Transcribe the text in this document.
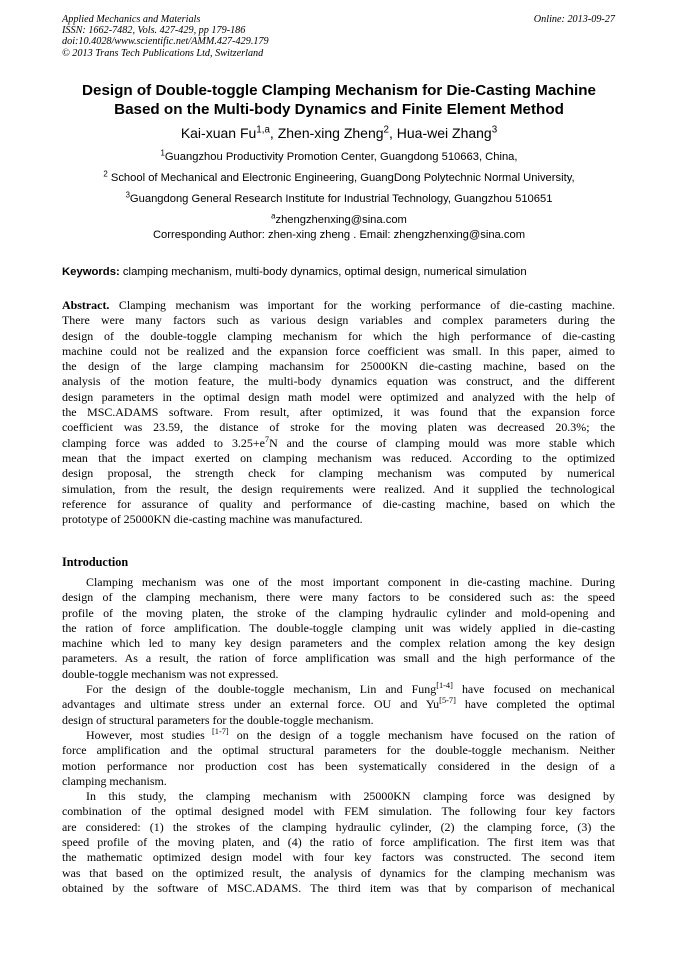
Applied Mechanics and Materials
ISSN: 1662-7482, Vols. 427-429, pp 179-186
doi:10.4028/www.scientific.net/AMM.427-429.179
© 2013 Trans Tech Publications Ltd, Switzerland
Online: 2013-09-27
Design of Double-toggle Clamping Mechanism for Die-Casting Machine
Based on the Multi-body Dynamics and Finite Element Method
Kai-xuan Fu$^{1,a}$, Zhen-xing Zheng$^2$, Hua-wei Zhang$^3$
$^1$Guangzhou Productivity Promotion Center, Guangdong 510663, China,
$^2$ School of Mechanical and Electronic Engineering, GuangDong Polytechnic Normal University,
$^3$Guangdong General Research Institute for Industrial Technology, Guangzhou 510651
$^a$zhengzhenxing@sina.com
Corresponding Author: zhen-xing zheng . Email: zhengzhenxing@sina.com
Keywords: clamping mechanism, multi-body dynamics, optimal design, numerical simulation
Abstract. Clamping mechanism was important for the working performance of die-casting machine.
There were many factors such as various design variables and complex parameters during the
design of the double-toggle clamping mechanism for which the high performance of die-casting
machine could not be realized and the expansion force coefficient was small. In this paper, aimed to
the design of the large clamping machansim for 25000KN die-casting machine, based on the
analysis of the motion feature, the multi-body dynamics equation was construct, and the different
design parameters in the optimal design math model were optimized and analyzed with the help of
the MSC.ADAMS software. From result, after optimized, it was found that the expansion force
coefficient was 23.59, the distance of stroke for the moving platen was decreased 20.3%; the
clamping force was added to $3.25+e^7N$ and the course of clamping mould was more stable which
mean that the impact exerted on clamping mechanism was reduced. According to the optimized
design proposal, the strength check for clamping mechanism was computed by numerical
simulation, from the result, the design requirements were realized. And it supplied the technological
reference for assurance of quality and performance of die-casting machine, based on which the
prototype of 25000KN die-casting machine was manufactured.
Introduction
Clamping mechanism was one of the most important component in die-casting machine. During
design of the clamping mechanism, there were many factors to be considered such as: the speed
profile of the moving platen, the stroke of the clamping hydraulic cylinder and mold-opening and
the ration of force amplification. The double-toggle clamping unit was widely applied in die-casting
machine which led to many key design parameters and the complex relation among the key design
parameters. As a result, the ration of force amplification was small and the high performance of the
double-toggle mechanism was not expressed.
For the design of the double-toggle mechanism, Lin and Fung[1-4] have focused on mechanical
advantages and ultimate stress under an external force. OU and Yu[5-7] have completed the optimal
design of structural parameters for the double-toggle mechanism.
However, most studies [1-7] on the design of a toggle mechanism have focused on the ration of
force amplification and the optimal structural parameters for the double-toggle mechanism. Neither
motion performance nor production cost has been systematically considered in the design of a
clamping mechanism.
In this study, the clamping mechanism with 25000KN clamping force was designed by
combination of the optimal designed model with FEM simulation. The following four key factors
are considered: (1) the strokes of the clamping hydraulic cylinder, (2) the clamping force, (3) the
speed profile of the moving platen, and (4) the ratio of force amplification. The first item was that
the mathematic optimized design model with four key factors was constructed. The second item
was that based on the optimized result, the analysis of dynamics for the clamping mechanism was
obtained by the software of MSC.ADAMS. The third item was that by comparison of mechanical
